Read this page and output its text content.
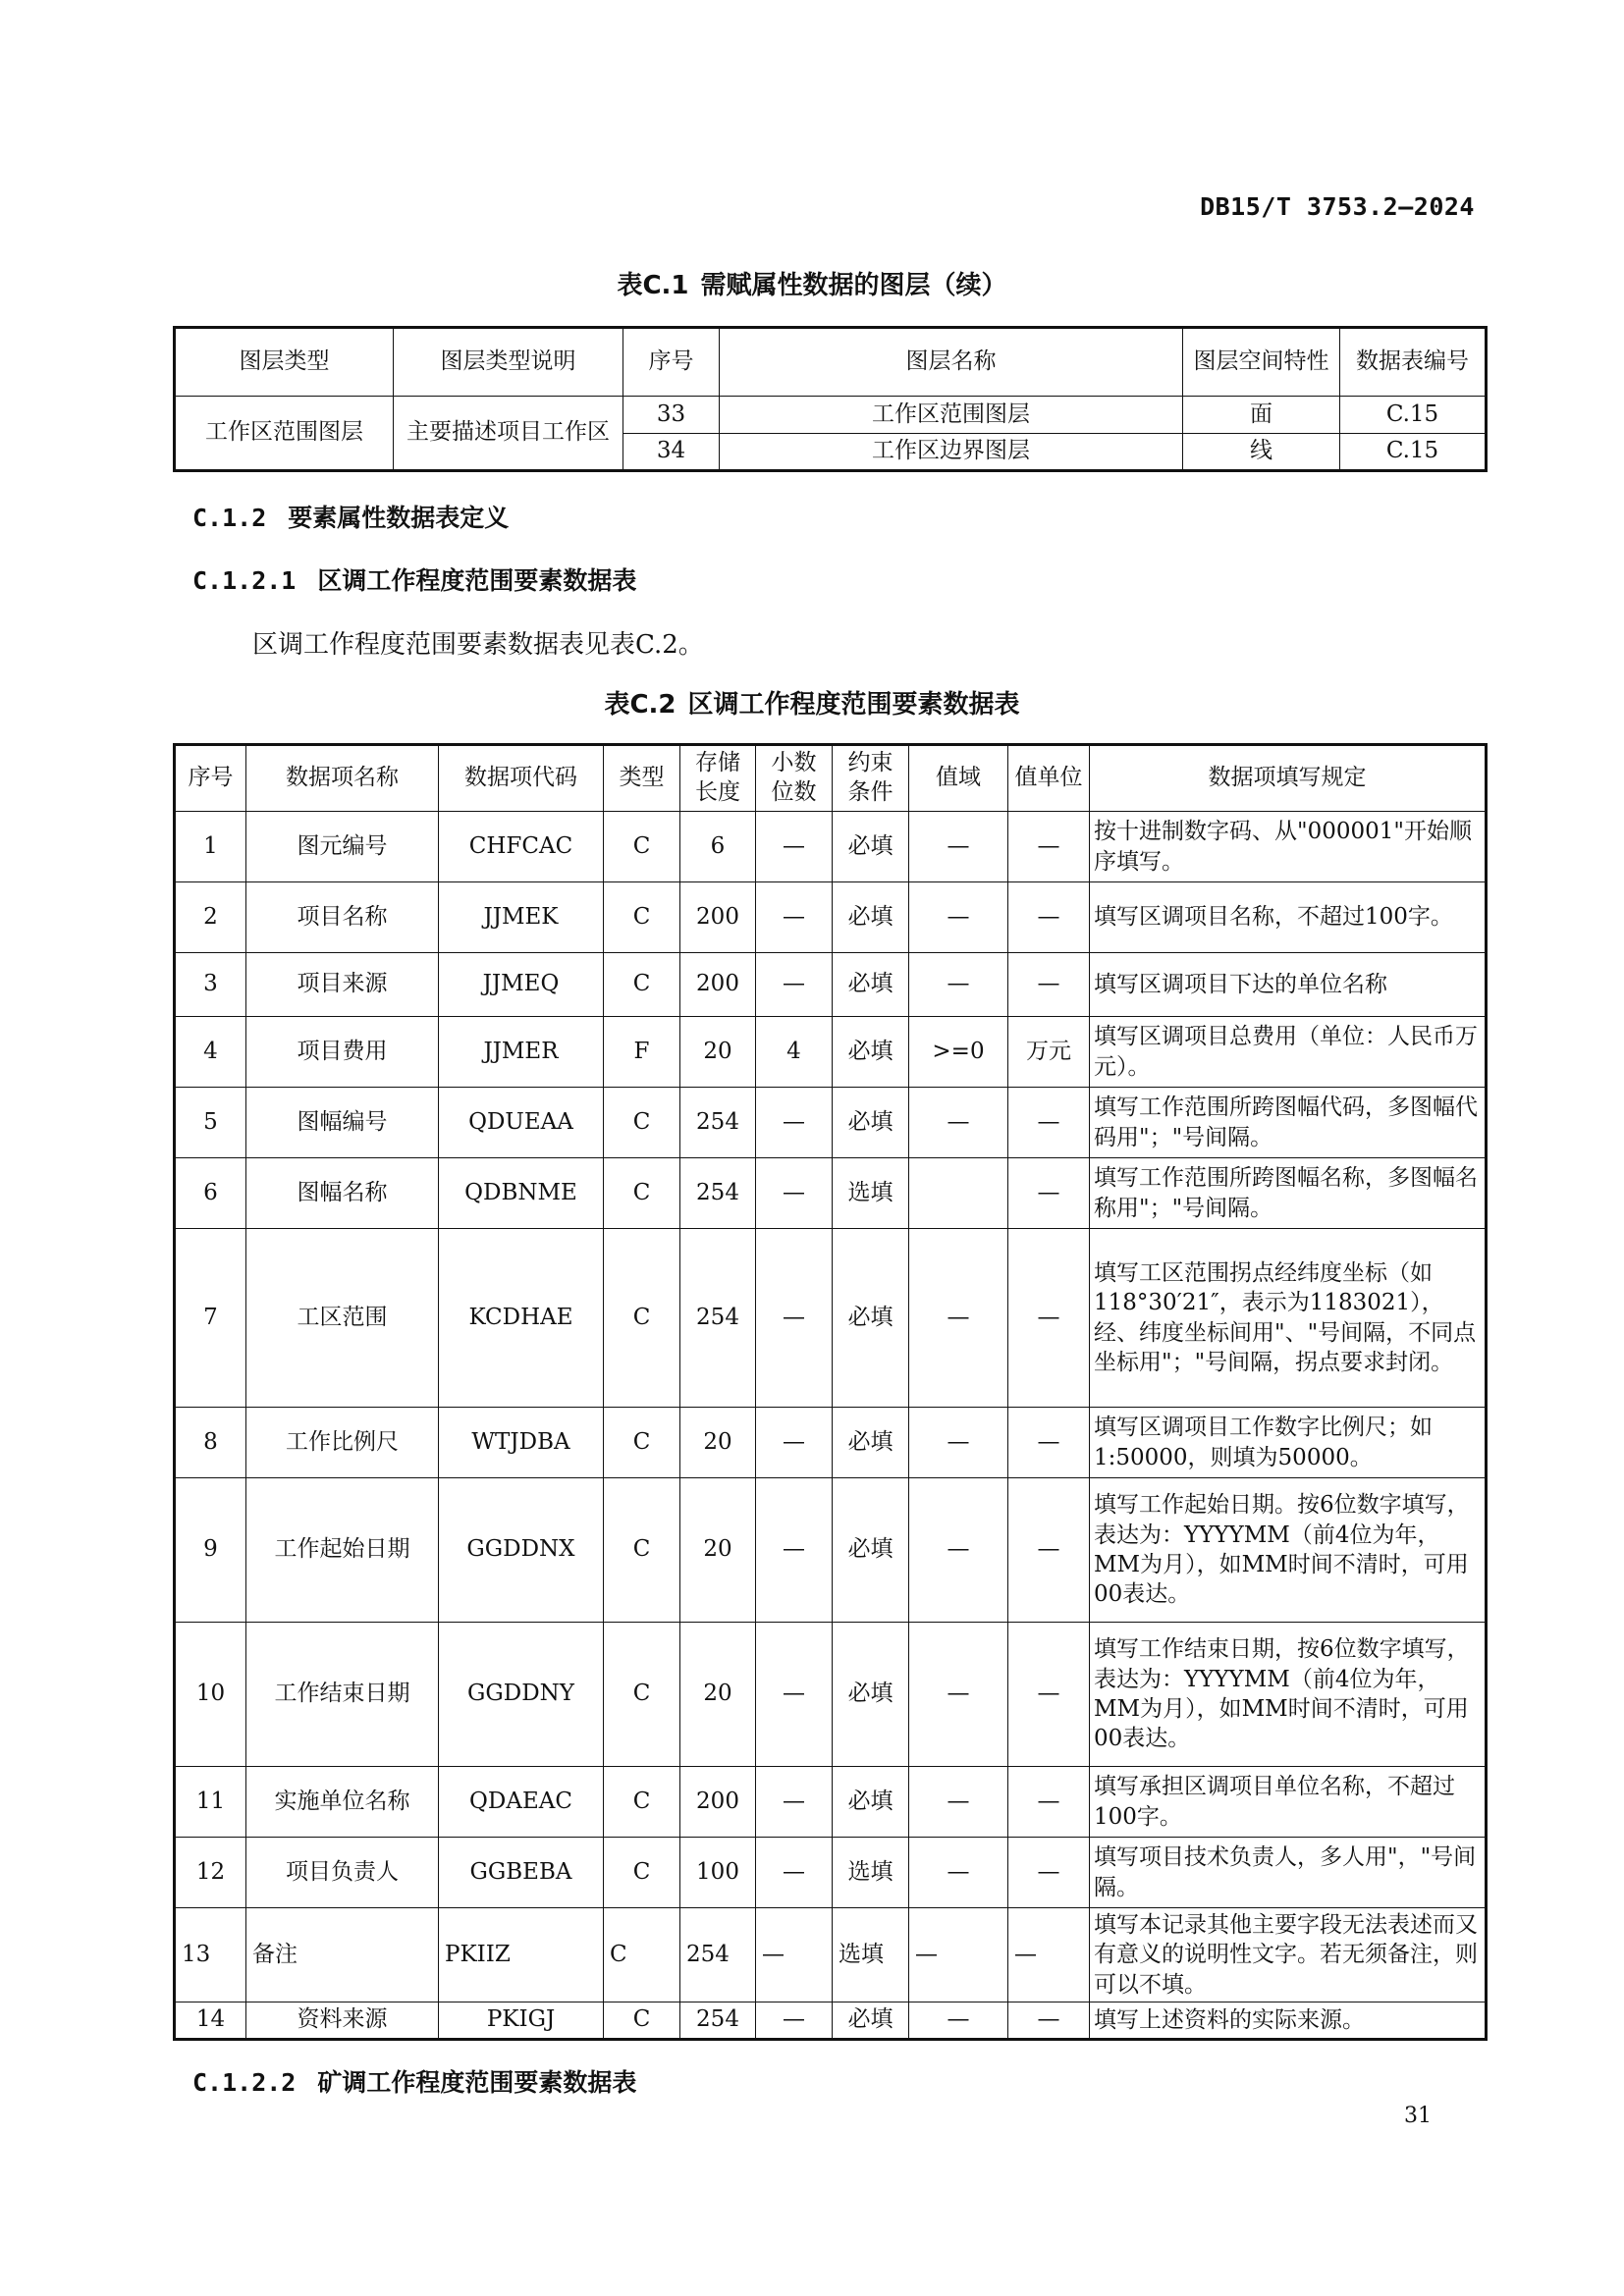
DB15/T 3753.2—2024
表C.1 需赋属性数据的图层（续）
图层类型	图层类型说明	序号	图层名称	图层空间特性	数据表编号
工作区范围图层	主要描述项目工作区	33	工作区范围图层	面	C.15
		34	工作区边界图层	线	C.15
C.1.2 要素属性数据表定义
C.1.2.1 区调工作程度范围要素数据表
区调工作程度范围要素数据表见表C.2。
表C.2 区调工作程度范围要素数据表
序号	数据项名称	数据项代码	类型	存储长度	小数位数	约束条件	值域	值单位	数据项填写规定
1	图元编号	CHFCAC	C	6	—	必填	—	—	按十进制数字码、从"000001"开始顺序填写。
2	项目名称	JJMEK	C	200	—	必填	—	—	填写区调项目名称，不超过100字。
3	项目来源	JJMEQ	C	200	—	必填	—	—	填写区调项目下达的单位名称
4	项目费用	JJMER	F	20	4	必填	>=0	万元	填写区调项目总费用（单位：人民币万元）。
5	图幅编号	QDUEAA	C	254	—	必填	—	—	填写工作范围所跨图幅代码，多图幅代码用"；"号间隔。
6	图幅名称	QDBNME	C	254	—	选填		—	填写工作范围所跨图幅名称，多图幅名称用"；"号间隔。
7	工区范围	KCDHAE	C	254	—	必填	—	—	填写工区范围拐点经纬度坐标（如118°30′21″，表示为1183021），经、纬度坐标间用"、"号间隔，不同点坐标用"；"号间隔，拐点要求封闭。
8	工作比例尺	WTJDBA	C	20	—	必填	—	—	填写区调项目工作数字比例尺；如1:50000，则填为50000。
9	工作起始日期	GGDDNX	C	20	—	必填	—	—	填写工作起始日期。按6位数字填写，表达为：YYYYMM（前4位为年，MM为月），如MM时间不清时，可用00表达。
10	工作结束日期	GGDDNY	C	20	—	必填	—	—	填写工作结束日期，按6位数字填写，表达为：YYYYMM（前4位为年，MM为月），如MM时间不清时，可用00表达。
11	实施单位名称	QDAEAC	C	200	—	必填	—	—	填写承担区调项目单位名称，不超过100字。
12	项目负责人	GGBEBA	C	100	—	选填	—	—	填写项目技术负责人，多人用"，"号间隔。
13	备注	PKIIZ	C	254	—	选填	—	—	填写本记录其他主要字段无法表述而又有意义的说明性文字。若无须备注，则可以不填。
14	资料来源	PKIGJ	C	254	—	必填	—	—	填写上述资料的实际来源。
C.1.2.2 矿调工作程度范围要素数据表
31
